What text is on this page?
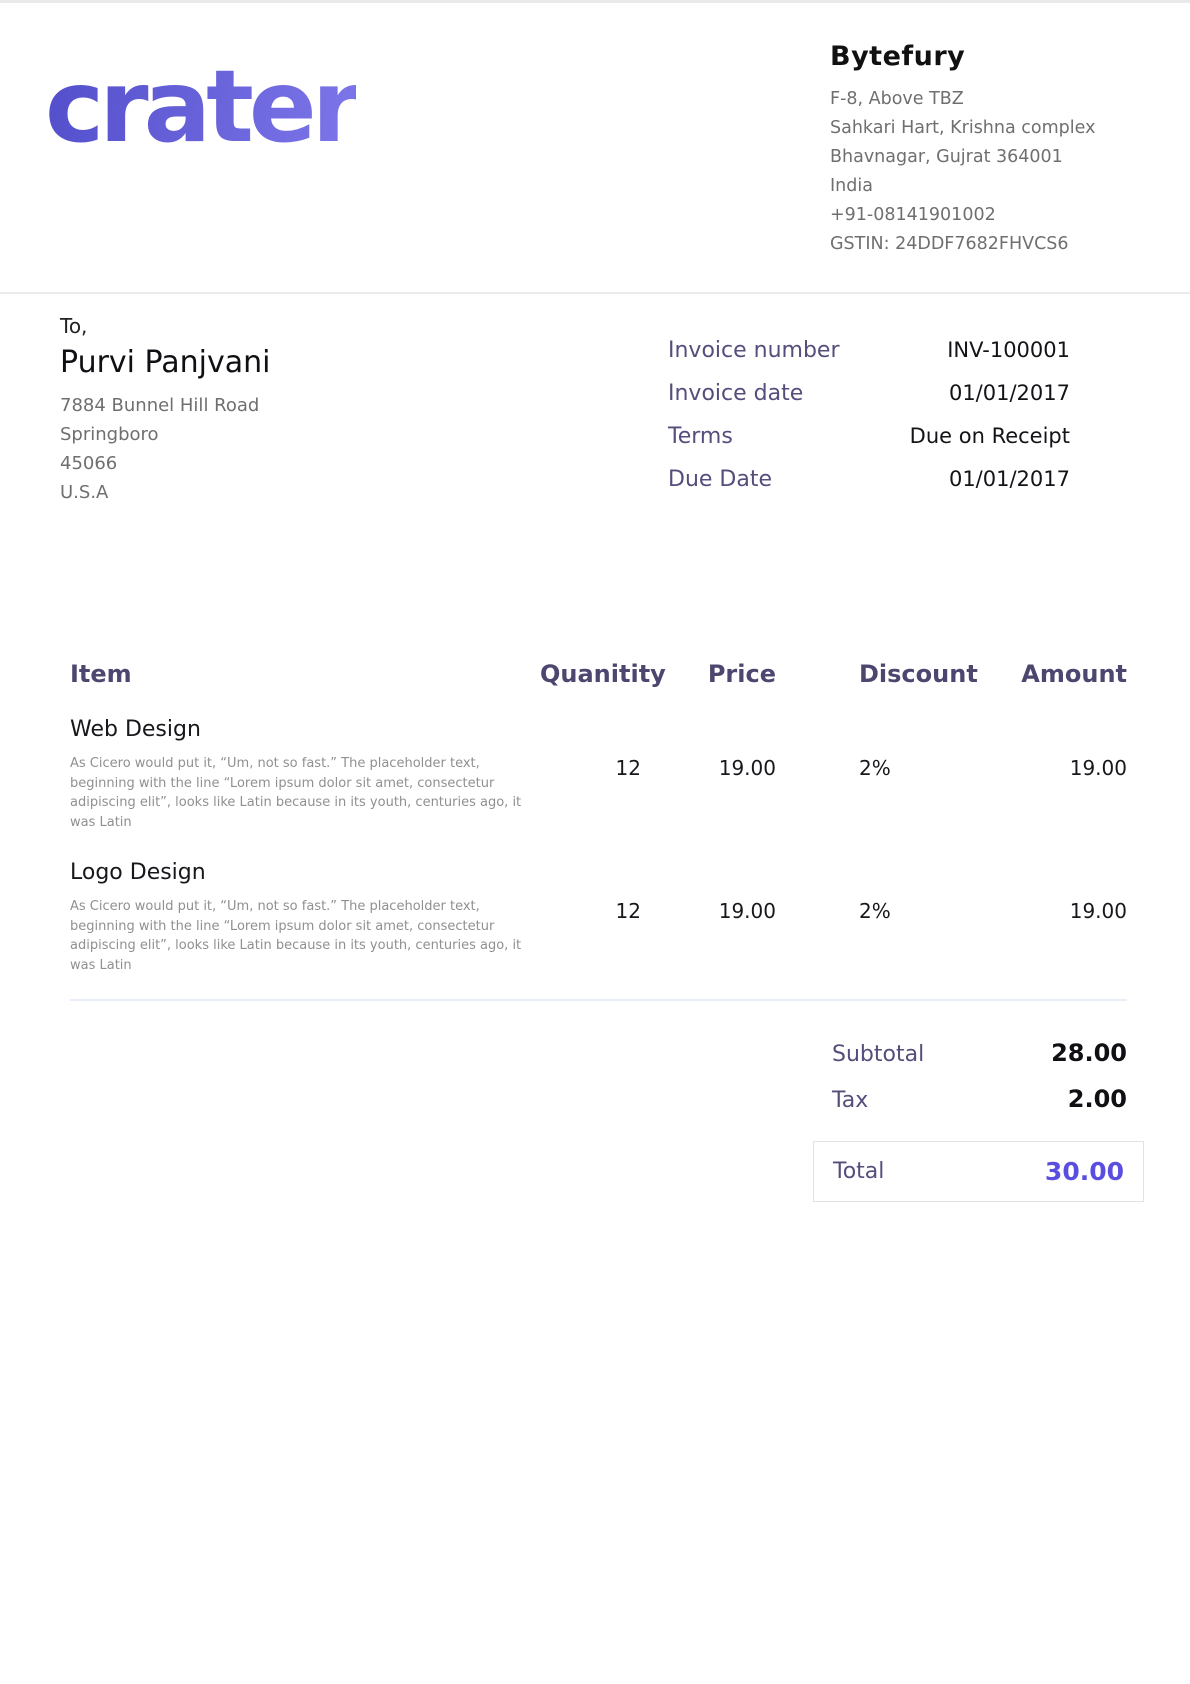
crater	Bytefury
F-8, Above TBZ
Sahkari Hart, Krishna complex
Bhavnagar, Gujrat 364001
India
+91-08141901002
GSTIN: 24DDF7682FHVCS6
To,
Purvi Panjvani
7884 Bunnel Hill Road
Springboro
45066
U.S.A
Invoice number	INV-100001
Invoice date	01/01/2017
Terms	Due on Receipt
Due Date	01/01/2017
Item	Quanitity	Price	Discount	Amount
Web Design
As Cicero would put it, “Um, not so fast.” The placeholder text, beginning with the line “Lorem ipsum dolor sit amet, consectetur adipiscing elit”, looks like Latin because in its youth, centuries ago, it was Latin
12	19.00	2%	19.00
Logo Design
As Cicero would put it, “Um, not so fast.” The placeholder text, beginning with the line “Lorem ipsum dolor sit amet, consectetur adipiscing elit”, looks like Latin because in its youth, centuries ago, it was Latin
12	19.00	2%	19.00
Subtotal	28.00
Tax	2.00
Total	30.00
